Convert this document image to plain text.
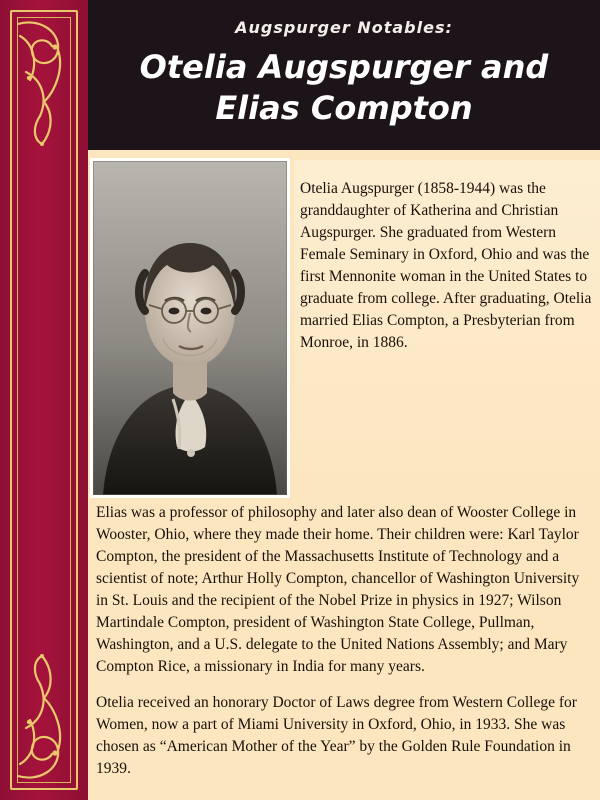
Augspurger Notables:
Otelia Augspurger and
Elias Compton

Otelia Augspurger (1858-1944) was the granddaughter of Katherina and Christian Augspurger. She graduated from Western Female Seminary in Oxford, Ohio and was the first Mennonite woman in the United States to graduate from college. After graduating, Otelia married Elias Compton, a Presbyterian from Monroe, in 1886.

Elias was a professor of philosophy and later also dean of Wooster College in Wooster, Ohio, where they made their home. Their children were: Karl Taylor Compton, the president of the Massachusetts Institute of Technology and a scientist of note; Arthur Holly Compton, chancellor of Washington University in St. Louis and the recipient of the Nobel Prize in physics in 1927; Wilson Martindale Compton, president of Washington State College, Pullman, Washington, and a U.S. delegate to the United Nations Assembly; and Mary Compton Rice, a missionary in India for many years.

Otelia received an honorary Doctor of Laws degree from Western College for Women, now a part of Miami University in Oxford, Ohio, in 1933. She was chosen as “American Mother of the Year” by the Golden Rule Foundation in 1939.
